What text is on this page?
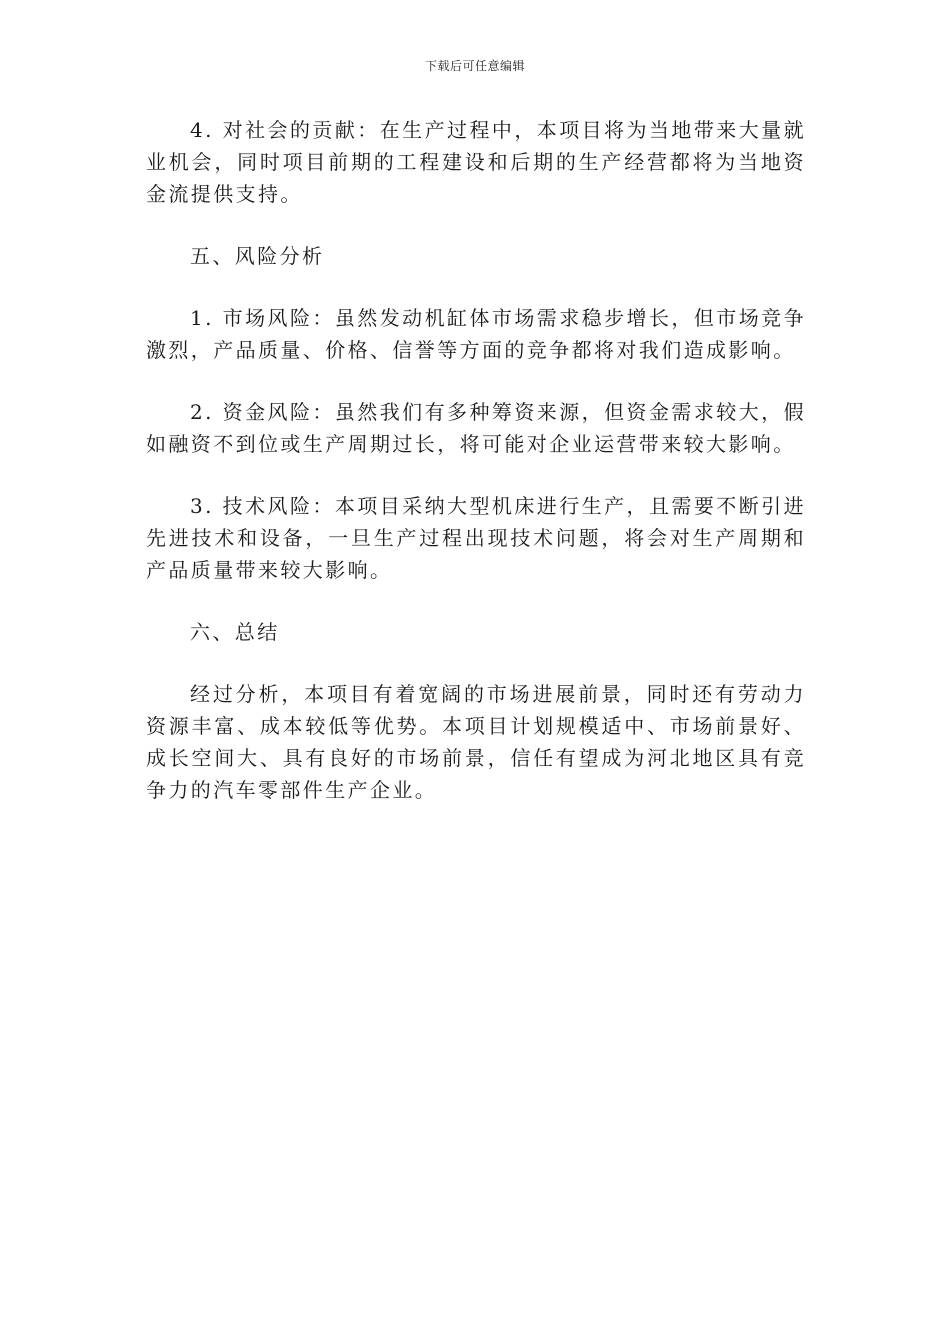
下载后可任意编辑

4. 对社会的贡献：在生产过程中，本项目将为当地带来大量就业机会，同时项目前期的工程建设和后期的生产经营都将为当地资金流提供支持。

五、风险分析

1. 市场风险：虽然发动机缸体市场需求稳步增长，但市场竞争激烈，产品质量、价格、信誉等方面的竞争都将对我们造成影响。

2. 资金风险：虽然我们有多种筹资来源，但资金需求较大，假如融资不到位或生产周期过长，将可能对企业运营带来较大影响。

3. 技术风险：本项目采纳大型机床进行生产，且需要不断引进先进技术和设备，一旦生产过程出现技术问题，将会对生产周期和产品质量带来较大影响。

六、总结

经过分析，本项目有着宽阔的市场进展前景，同时还有劳动力资源丰富、成本较低等优势。本项目计划规模适中、市场前景好、成长空间大、具有良好的市场前景，信任有望成为河北地区具有竞争力的汽车零部件生产企业。
